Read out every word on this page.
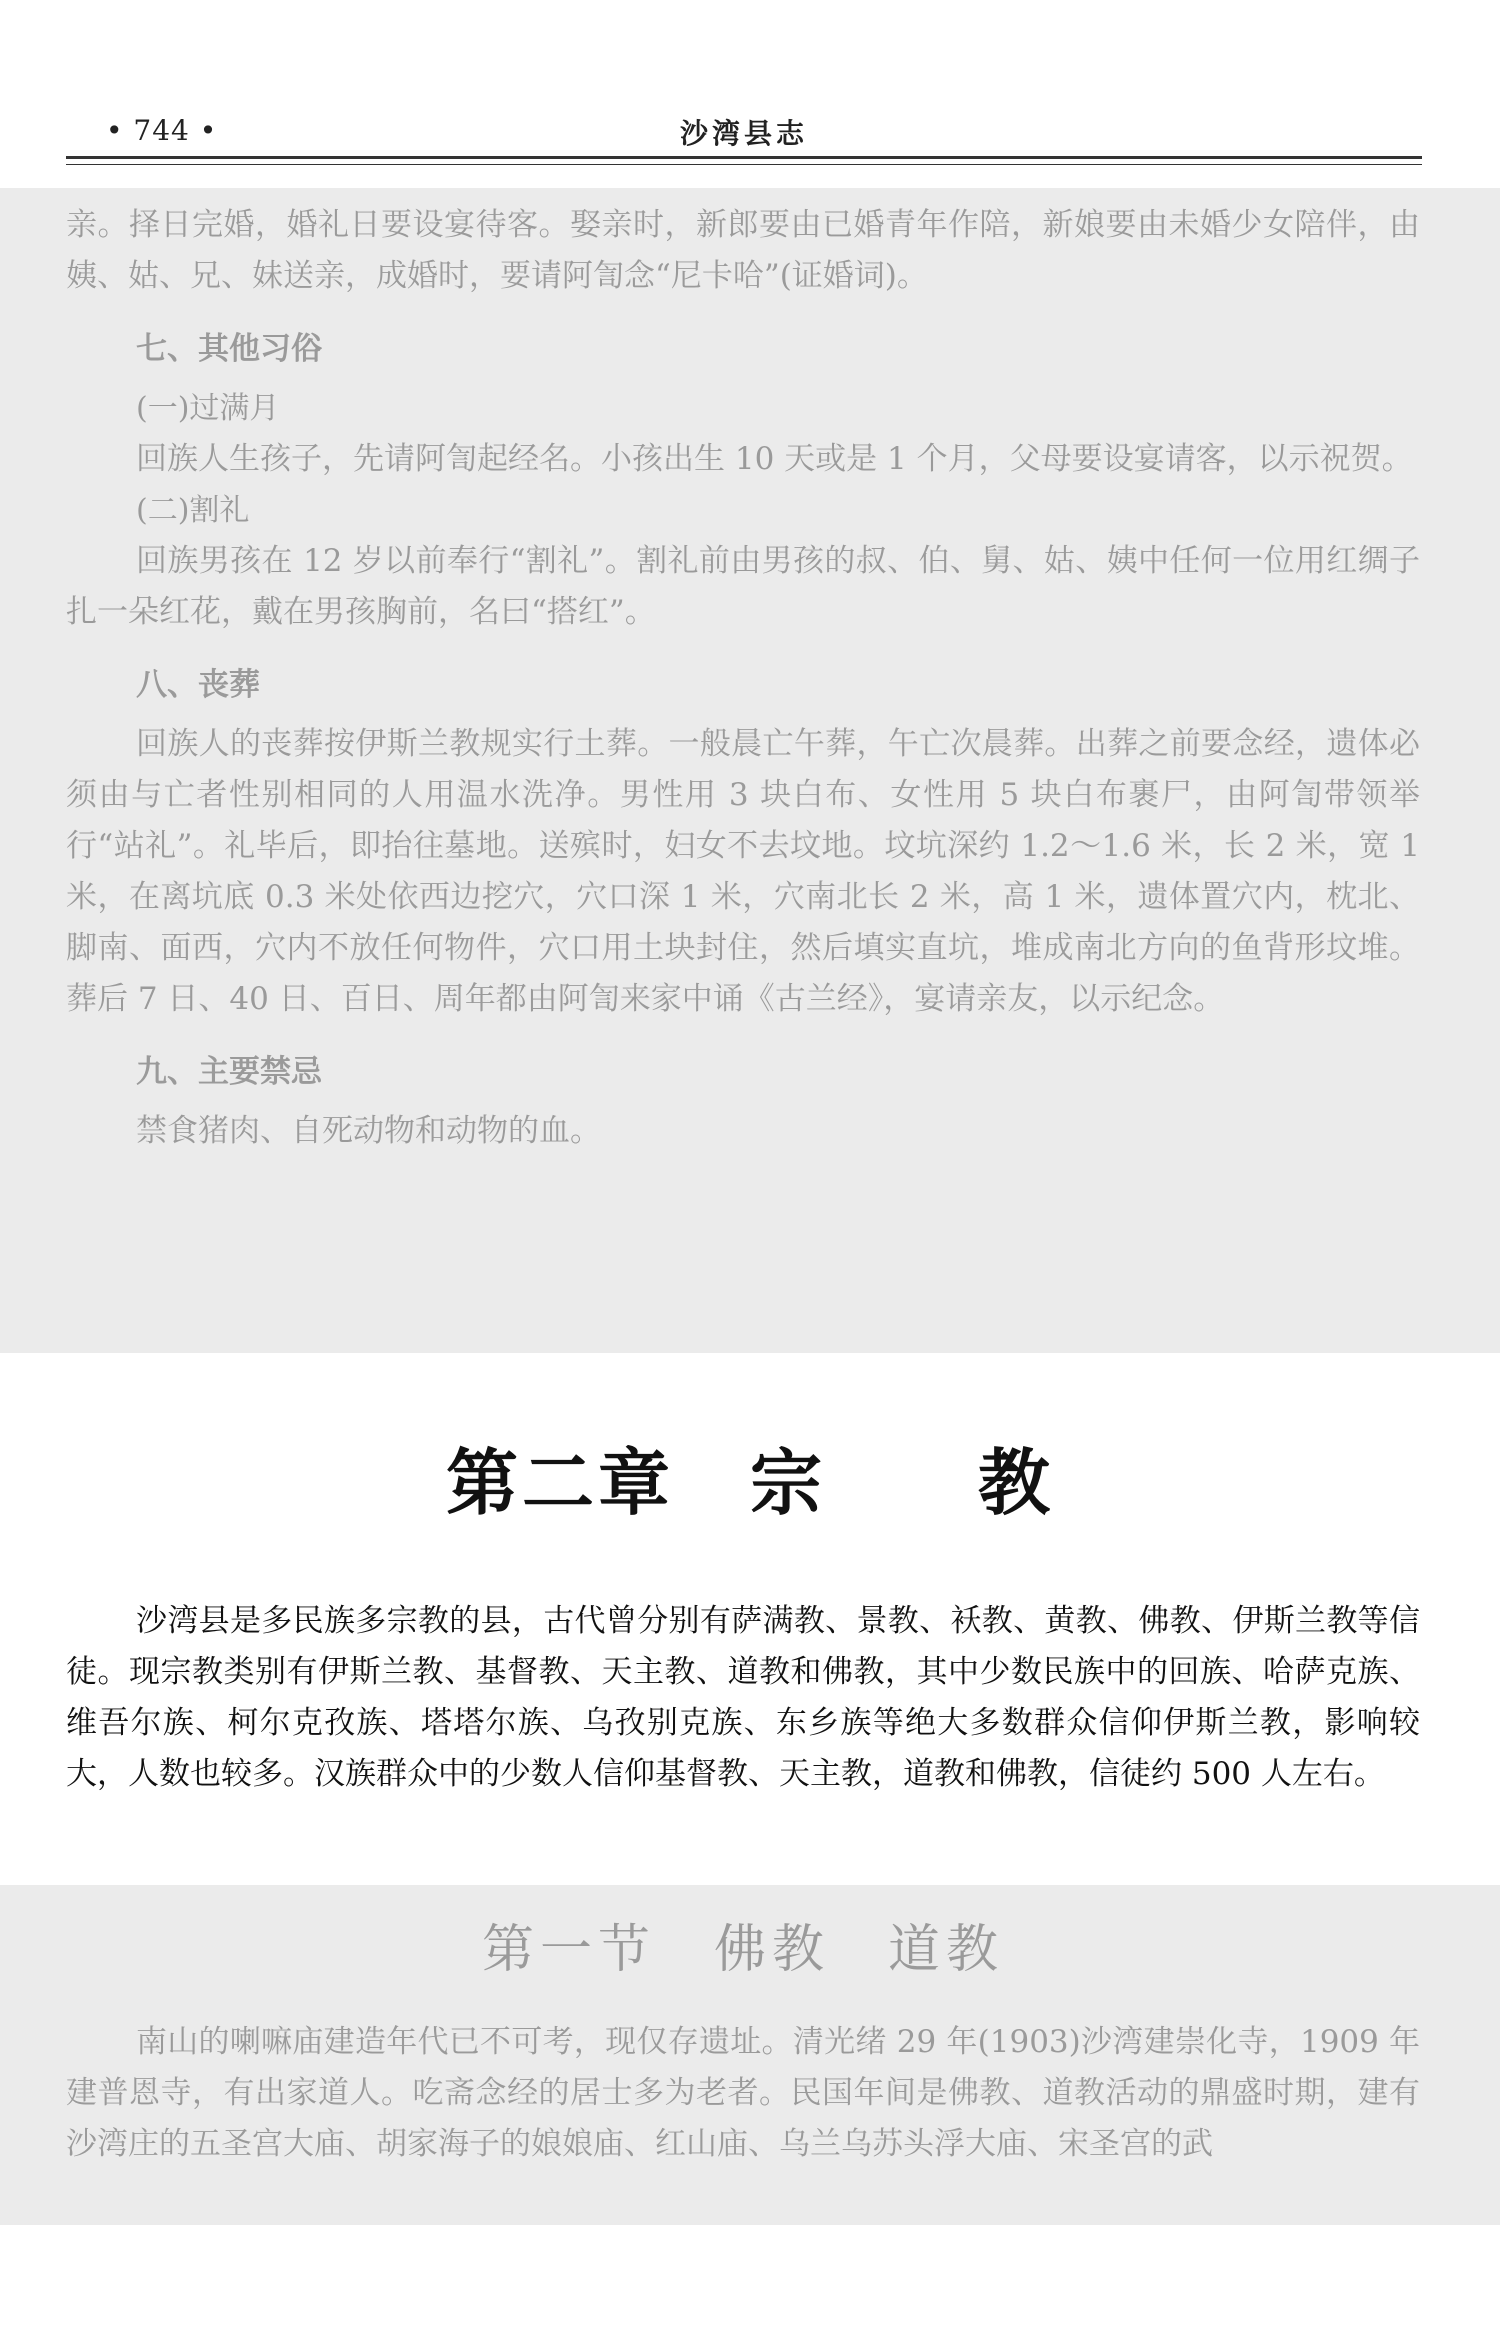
• 744 •	沙湾县志

亲。择日完婚，婚礼日要设宴待客。娶亲时，新郎要由已婚青年作陪，新娘要由未婚少女陪伴，由姨、姑、兄、妹送亲，成婚时，要请阿訇念“尼卡哈”(证婚词)。

七、其他习俗
(一)过满月

回族人生孩子，先请阿訇起经名。小孩出生 10 天或是 1 个月，父母要设宴请客，以示祝贺。

(二)割礼

回族男孩在 12 岁以前奉行“割礼”。割礼前由男孩的叔、伯、舅、姑、姨中任何一位用红绸子扎一朵红花，戴在男孩胸前，名曰“搭红”。

八、丧葬

回族人的丧葬按伊斯兰教规实行土葬。一般晨亡午葬，午亡次晨葬。出葬之前要念经，遗体必须由与亡者性别相同的人用温水洗净。男性用 3 块白布、女性用 5 块白布裹尸，由阿訇带领举行“站礼”。礼毕后，即抬往墓地。送殡时，妇女不去坟地。坟坑深约 1.2～1.6 米，长 2 米，宽 1 米，在离坑底 0.3 米处依西边挖穴，穴口深 1 米，穴南北长 2 米，高 1 米，遗体置穴内，枕北、脚南、面西，穴内不放任何物件，穴口用土块封住，然后填实直坑，堆成南北方向的鱼背形坟堆。葬后 7 日、40 日、百日、周年都由阿訇来家中诵《古兰经》，宴请亲友，以示纪念。

九、主要禁忌

禁食猪肉、自死动物和动物的血。

第二章　宗　　教

沙湾县是多民族多宗教的县，古代曾分别有萨满教、景教、袄教、黄教、佛教、伊斯兰教等信徒。现宗教类别有伊斯兰教、基督教、天主教、道教和佛教，其中少数民族中的回族、哈萨克族、维吾尔族、柯尔克孜族、塔塔尔族、乌孜别克族、东乡族等绝大多数群众信仰伊斯兰教，影响较大，人数也较多。汉族群众中的少数人信仰基督教、天主教，道教和佛教，信徒约 500 人左右。

第一节　佛教　道教

南山的喇嘛庙建造年代已不可考，现仅存遗址。清光绪 29 年(1903)沙湾建崇化寺，1909 年建普恩寺，有出家道人。吃斋念经的居士多为老者。民国年间是佛教、道教活动的鼎盛时期，建有沙湾庄的五圣宫大庙、胡家海子的娘娘庙、红山庙、乌兰乌苏头浮大庙、宋圣宫的武
